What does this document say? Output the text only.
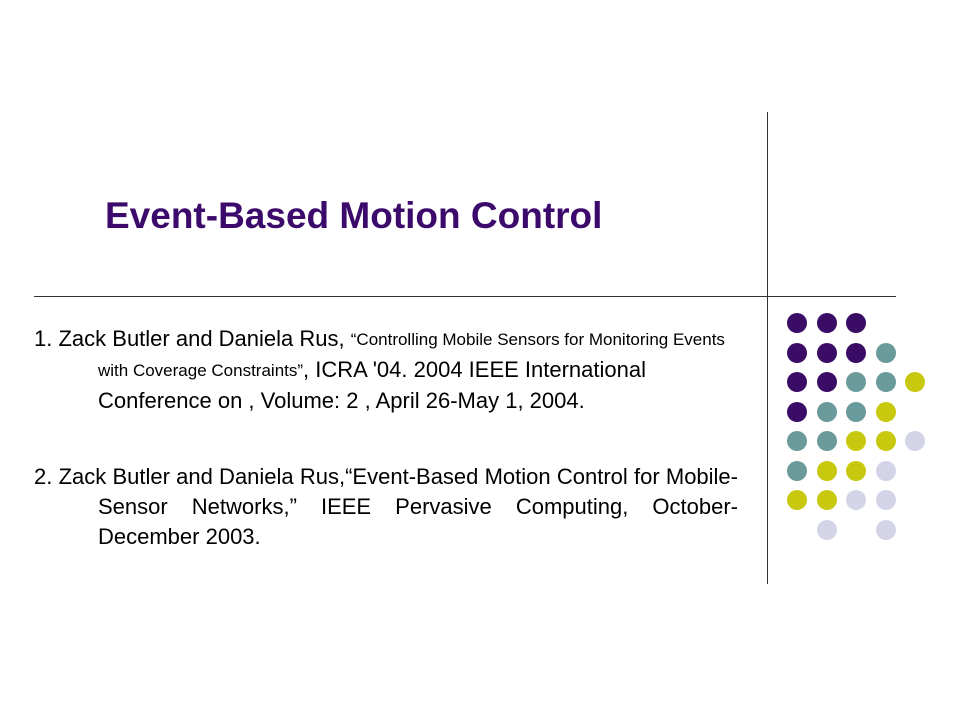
Event-Based Motion Control
1. Zack Butler and Daniela Rus, “Controlling Mobile Sensors for Monitoring Events with Coverage Constraints”, ICRA '04. 2004 IEEE International Conference on , Volume: 2 , April 26-May 1, 2004.
2. Zack Butler and Daniela Rus,“Event-Based Motion Control for Mobile-Sensor Networks,” IEEE Pervasive Computing, October-December 2003.
